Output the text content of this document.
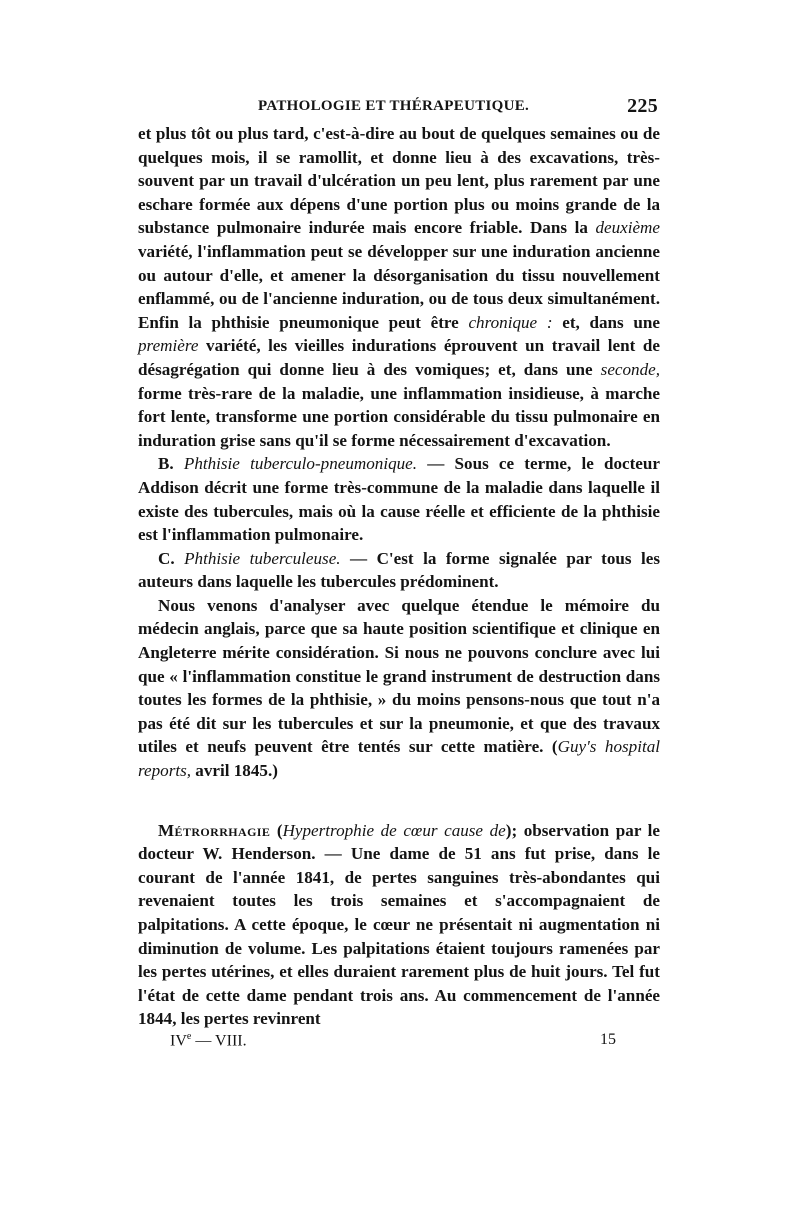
PATHOLOGIE ET THÉRAPEUTIQUE.	225

et plus tôt ou plus tard, c'est-à-dire au bout de quelques semaines ou de quelques mois, il se ramollit, et donne lieu à des excavations, très-souvent par un travail d'ulcération un peu lent, plus rarement par une eschare formée aux dépens d'une portion plus ou moins grande de la substance pulmonaire indurée mais encore friable. Dans la deuxième variété, l'inflammation peut se développer sur une induration ancienne ou autour d'elle, et amener la désorganisation du tissu nouvellement enflammé, ou de l'ancienne induration, ou de tous deux simultanément. Enfin la phthisie pneumonique peut être chronique : et, dans une première variété, les vieilles indurations éprouvent un travail lent de désagrégation qui donne lieu à des vomiques; et, dans une seconde, forme très-rare de la maladie, une inflammation insidieuse, à marche fort lente, transforme une portion considérable du tissu pulmonaire en induration grise sans qu'il se forme nécessairement d'excavation.

B. Phthisie tuberculo-pneumonique. — Sous ce terme, le docteur Addison décrit une forme très-commune de la maladie dans laquelle il existe des tubercules, mais où la cause réelle et efficiente de la phthisie est l'inflammation pulmonaire.

C. Phthisie tuberculeuse. — C'est la forme signalée par tous les auteurs dans laquelle les tubercules prédominent.

Nous venons d'analyser avec quelque étendue le mémoire du médecin anglais, parce que sa haute position scientifique et clinique en Angleterre mérite considération. Si nous ne pouvons conclure avec lui que « l'inflammation constitue le grand instrument de destruction dans toutes les formes de la phthisie, » du moins pensons-nous que tout n'a pas été dit sur les tubercules et sur la pneumonie, et que des travaux utiles et neufs peuvent être tentés sur cette matière. (Guy's hospital reports, avril 1845.)

Métrorrhagie (Hypertrophie de cœur cause de); observation par le docteur W. Henderson. — Une dame de 51 ans fut prise, dans le courant de l'année 1841, de pertes sanguines très-abondantes qui revenaient toutes les trois semaines et s'accompagnaient de palpitations. A cette époque, le cœur ne présentait ni augmentation ni diminution de volume. Les palpitations étaient toujours ramenées par les pertes utérines, et elles duraient rarement plus de huit jours. Tel fut l'état de cette dame pendant trois ans. Au commencement de l'année 1844, les pertes revinrent

IVe — VIII.	15
